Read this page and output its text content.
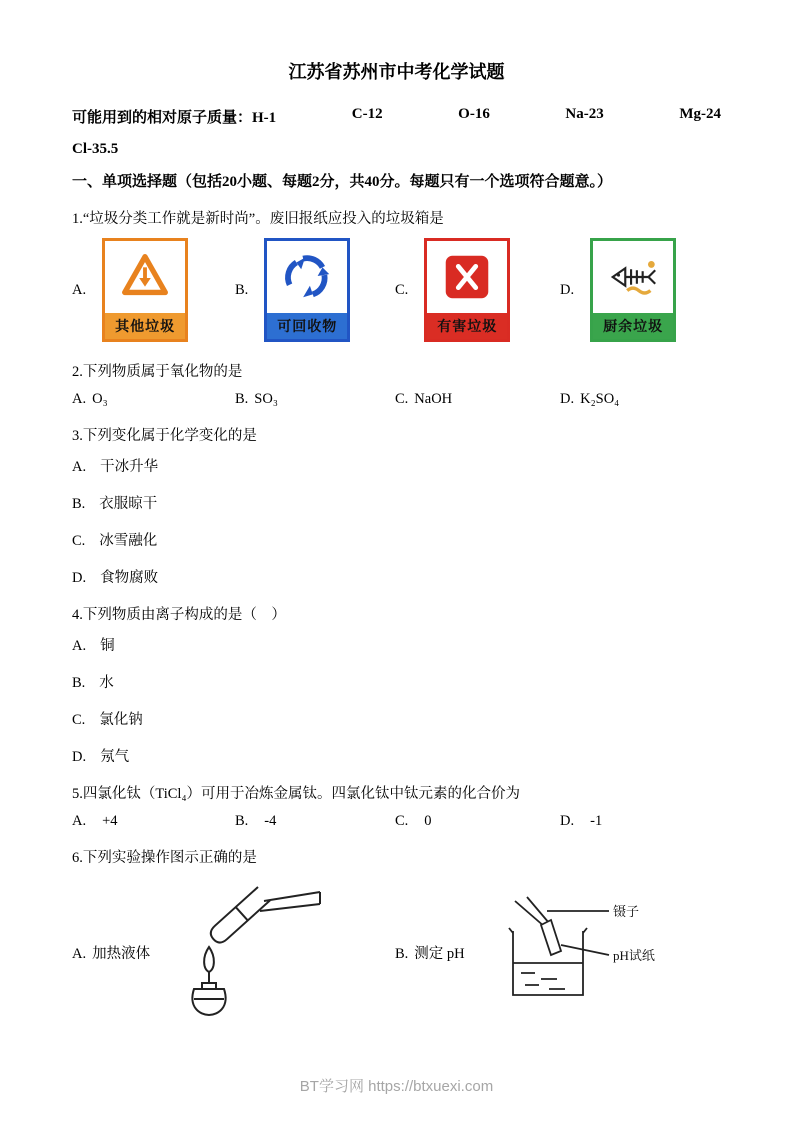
江苏省苏州市中考化学试题
可能用到的相对原子质量：H-1	C-12	O-16	Na-23	Mg-24
Cl-35.5
一、单项选择题（包括20小题、每题2分，共40分。每题只有一个选项符合题意。）
1.“垃圾分类工作就是新时尚”。废旧报纸应投入的垃圾箱是
A.
其他垃圾
B.
可回收物
C.
有害垃圾
D.
厨余垃圾
2.下列物质属于氧化物的是
A. O₃	B. SO₃	C. NaOH	D. K₂SO₄
3.下列变化属于化学变化的是
A. 干冰升华
B. 衣服晾干
C. 冰雪融化
D. 食物腐败
4.下列物质由离子构成的是（　）
A. 铜
B. 水
C. 氯化钠
D. 氖气
5.四氯化钛（TiCl₄）可用于冶炼金属钛。四氯化钛中钛元素的化合价为
A. +4	B. -4	C. 0	D. -1
6.下列实验操作图示正确的是
A. 加热液体	B. 测定 pH
镊子
pH试纸
BT学习网 https://btxuexi.com
